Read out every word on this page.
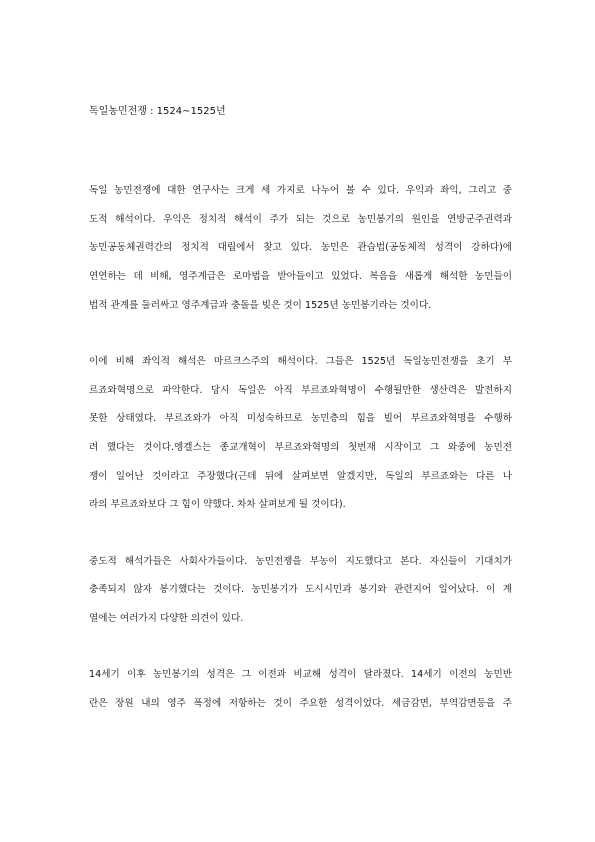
독일농민전쟁 : 1524∼1525년
독일 농민전쟁에 대한 연구사는 크게 세 가지로 나누어 볼 수 있다. 우익과 좌익, 그리고 중
도적 해석이다. 우익은 정치적 해석이 주가 되는 것으로 농민봉기의 원인을 연방군주권력과
농민공동체권력간의 정치적 대립에서 찾고 있다. 농민은 관습법(공동체적 성격이 강하다)에
연연하는 데 비해, 영주계급은 로마법을 받아들이고 있었다. 복음을 새롭게 해석한 농민들이
법적 관계를 둘러싸고 영주계급과 충돌을 빚은 것이 1525년 농민봉기라는 것이다.
이에 비해 좌익적 해석은 마르크스주의 해석이다. 그들은 1525년 독일농민전쟁을 초기 부
르죠와혁명으로 파악한다. 당시 독일은 아직 부르죠와혁명이 수행될만한 생산력은 발전하지
못한 상태였다. 부르죠와가 아직 미성숙하므로 농민층의 힘을 빌어 부르죠와혁명을 수행하
려 했다는 것이다.엥겔스는 종교개혁이 부르죠와혁명의 첫번재 시작이고 그 와중에 농민전
쟁이 일어난 것이라고 주장했다(근데 뒤에 살펴보면 알겠지만, 독일의 부르죠와는 다른 나
라의 부르죠와보다 그 힘이 약했다. 차차 살펴보게 될 것이다).
중도적 해석가들은 사회사가들이다. 농민전쟁을 부농이 지도했다고 본다. 자신들이 기대치가
충족되지 않자 봉기했다는 것이다. 농민봉기가 도시시민과 봉기와 관련지어 일어났다. 이 계
열에는 여러가지 다양한 의견이 있다.
14세기 이후 농민봉기의 성격은 그 이전과 비교해 성격이 달라졌다. 14세기 이전의 농민반
란은 장원 내의 영주 폭정에 저항하는 것이 주요한 성격이었다. 세금감면, 부역감면등을 주
